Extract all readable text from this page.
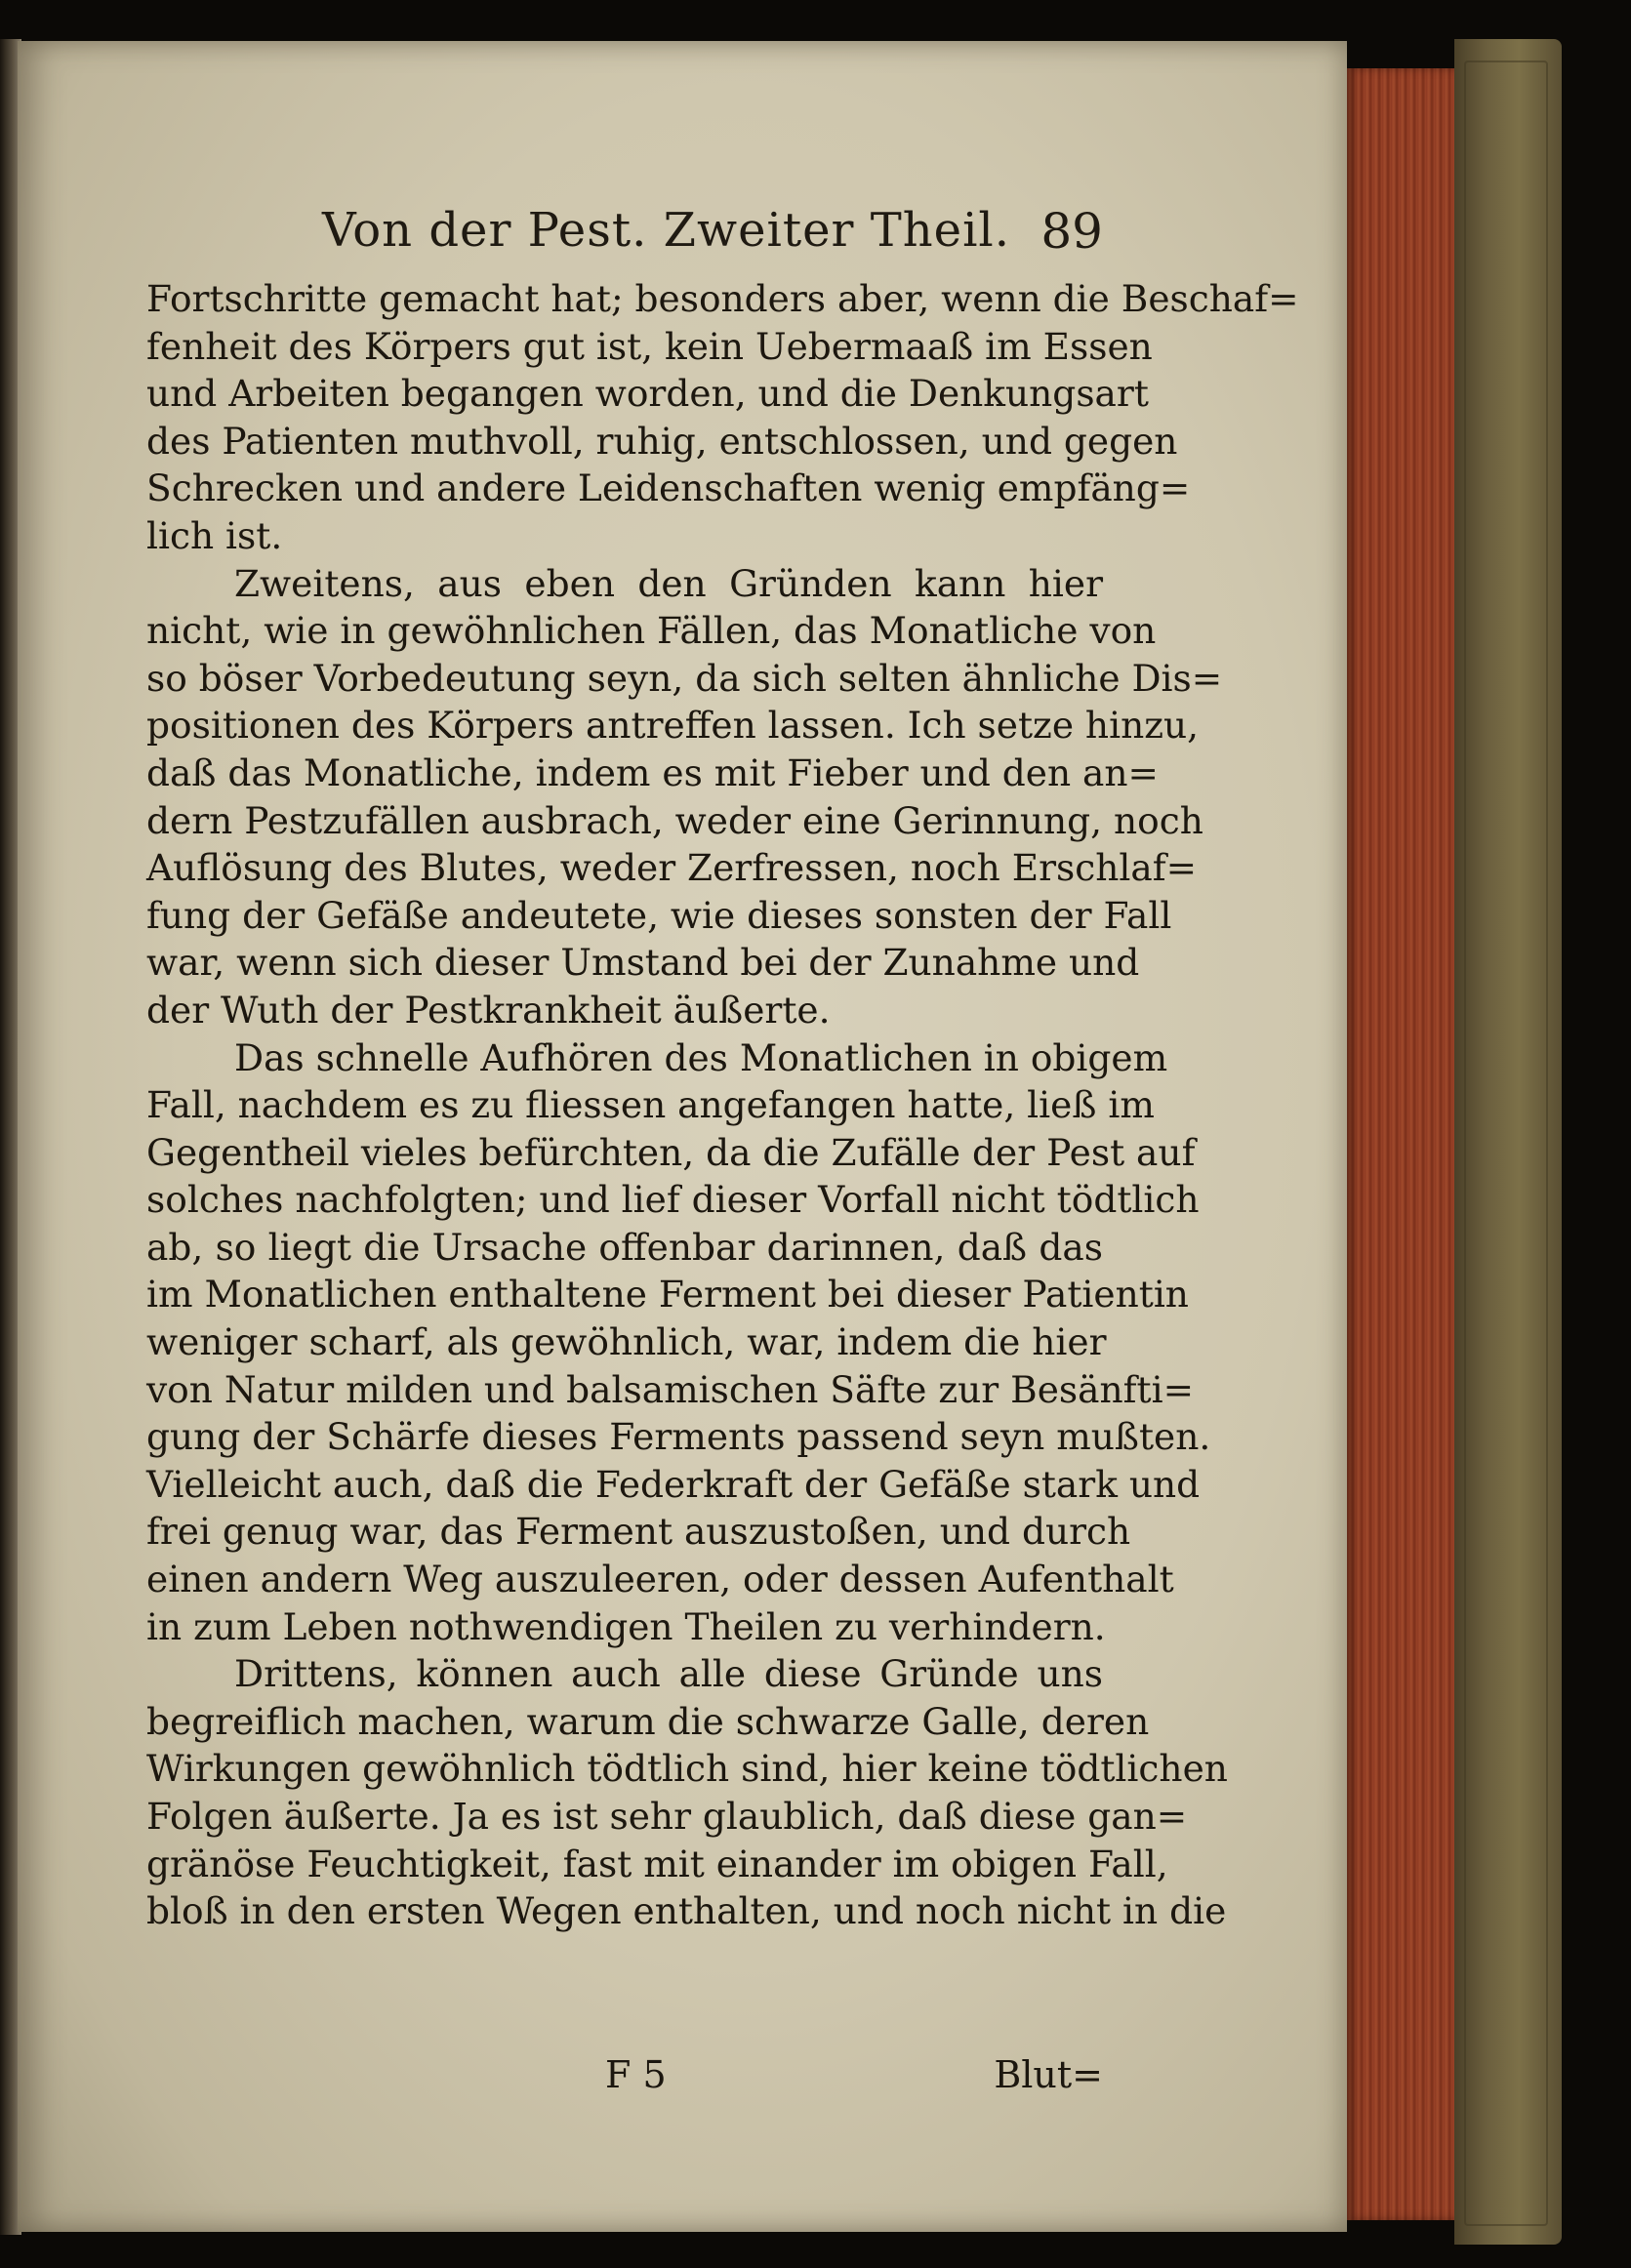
Von der Pest. Zweiter Theil. 89
Fortschritte gemacht hat; besonders aber, wenn die Beschaf=
fenheit des Körpers gut ist, kein Uebermaaß im Essen
und Arbeiten begangen worden, und die Denkungsart
des Patienten muthvoll, ruhig, entschlossen, und gegen
Schrecken und andere Leidenschaften wenig empfäng=
lich ist.
Zweitens, aus eben den Gründen kann hier
nicht, wie in gewöhnlichen Fällen, das Monatliche von
so böser Vorbedeutung seyn, da sich selten ähnliche Dis=
positionen des Körpers antreffen lassen. Ich setze hinzu,
daß das Monatliche, indem es mit Fieber und den an=
dern Pestzufällen ausbrach, weder eine Gerinnung, noch
Auflösung des Blutes, weder Zerfressen, noch Erschlaf=
fung der Gefäße andeutete, wie dieses sonsten der Fall
war, wenn sich dieser Umstand bei der Zunahme und
der Wuth der Pestkrankheit äußerte.
Das schnelle Aufhören des Monatlichen in obigem
Fall, nachdem es zu fliessen angefangen hatte, ließ im
Gegentheil vieles befürchten, da die Zufälle der Pest auf
solches nachfolgten; und lief dieser Vorfall nicht tödtlich
ab, so liegt die Ursache offenbar darinnen, daß das
im Monatlichen enthaltene Ferment bei dieser Patientin
weniger scharf, als gewöhnlich, war, indem die hier
von Natur milden und balsamischen Säfte zur Besänfti=
gung der Schärfe dieses Ferments passend seyn mußten.
Vielleicht auch, daß die Federkraft der Gefäße stark und
frei genug war, das Ferment auszustoßen, und durch
einen andern Weg auszuleeren, oder dessen Aufenthalt
in zum Leben nothwendigen Theilen zu verhindern.
Drittens, können auch alle diese Gründe uns
begreiflich machen, warum die schwarze Galle, deren
Wirkungen gewöhnlich tödtlich sind, hier keine tödtlichen
Folgen äußerte. Ja es ist sehr glaublich, daß diese gan=
gränöse Feuchtigkeit, fast mit einander im obigen Fall,
bloß in den ersten Wegen enthalten, und noch nicht in die
F 5	Blut=
